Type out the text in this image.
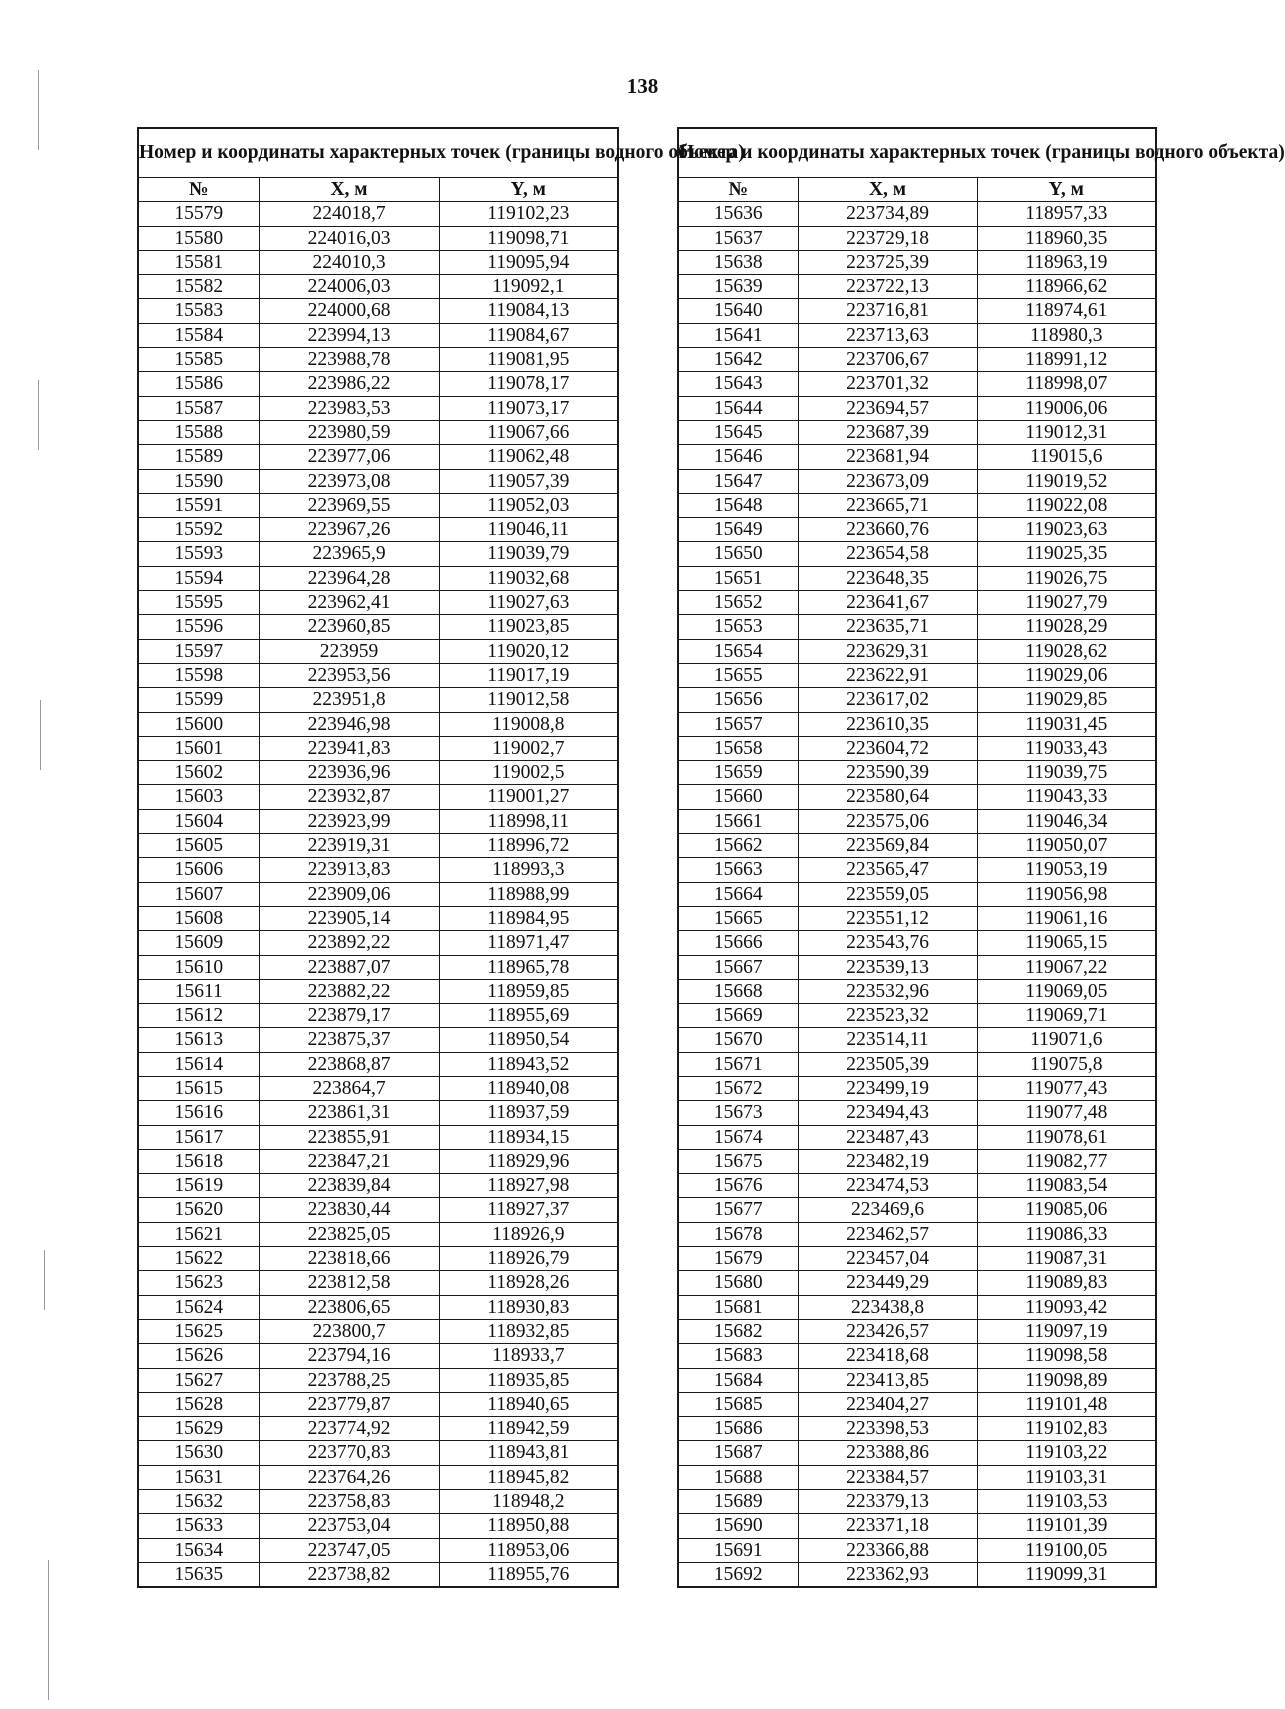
138
Номер и координаты характерных точек (границы водного объекта)		
№	X, м	Y, м
15579	224018,7	119102,23
15580	224016,03	119098,71
15581	224010,3	119095,94
15582	224006,03	119092,1
15583	224000,68	119084,13
15584	223994,13	119084,67
15585	223988,78	119081,95
15586	223986,22	119078,17
15587	223983,53	119073,17
15588	223980,59	119067,66
15589	223977,06	119062,48
15590	223973,08	119057,39
15591	223969,55	119052,03
15592	223967,26	119046,11
15593	223965,9	119039,79
15594	223964,28	119032,68
15595	223962,41	119027,63
15596	223960,85	119023,85
15597	223959	119020,12
15598	223953,56	119017,19
15599	223951,8	119012,58
15600	223946,98	119008,8
15601	223941,83	119002,7
15602	223936,96	119002,5
15603	223932,87	119001,27
15604	223923,99	118998,11
15605	223919,31	118996,72
15606	223913,83	118993,3
15607	223909,06	118988,99
15608	223905,14	118984,95
15609	223892,22	118971,47
15610	223887,07	118965,78
15611	223882,22	118959,85
15612	223879,17	118955,69
15613	223875,37	118950,54
15614	223868,87	118943,52
15615	223864,7	118940,08
15616	223861,31	118937,59
15617	223855,91	118934,15
15618	223847,21	118929,96
15619	223839,84	118927,98
15620	223830,44	118927,37
15621	223825,05	118926,9
15622	223818,66	118926,79
15623	223812,58	118928,26
15624	223806,65	118930,83
15625	223800,7	118932,85
15626	223794,16	118933,7
15627	223788,25	118935,85
15628	223779,87	118940,65
15629	223774,92	118942,59
15630	223770,83	118943,81
15631	223764,26	118945,82
15632	223758,83	118948,2
15633	223753,04	118950,88
15634	223747,05	118953,06
15635	223738,82	118955,76
Номер и координаты характерных точек (границы водного объекта)		
№	X, м	Y, м
15636	223734,89	118957,33
15637	223729,18	118960,35
15638	223725,39	118963,19
15639	223722,13	118966,62
15640	223716,81	118974,61
15641	223713,63	118980,3
15642	223706,67	118991,12
15643	223701,32	118998,07
15644	223694,57	119006,06
15645	223687,39	119012,31
15646	223681,94	119015,6
15647	223673,09	119019,52
15648	223665,71	119022,08
15649	223660,76	119023,63
15650	223654,58	119025,35
15651	223648,35	119026,75
15652	223641,67	119027,79
15653	223635,71	119028,29
15654	223629,31	119028,62
15655	223622,91	119029,06
15656	223617,02	119029,85
15657	223610,35	119031,45
15658	223604,72	119033,43
15659	223590,39	119039,75
15660	223580,64	119043,33
15661	223575,06	119046,34
15662	223569,84	119050,07
15663	223565,47	119053,19
15664	223559,05	119056,98
15665	223551,12	119061,16
15666	223543,76	119065,15
15667	223539,13	119067,22
15668	223532,96	119069,05
15669	223523,32	119069,71
15670	223514,11	119071,6
15671	223505,39	119075,8
15672	223499,19	119077,43
15673	223494,43	119077,48
15674	223487,43	119078,61
15675	223482,19	119082,77
15676	223474,53	119083,54
15677	223469,6	119085,06
15678	223462,57	119086,33
15679	223457,04	119087,31
15680	223449,29	119089,83
15681	223438,8	119093,42
15682	223426,57	119097,19
15683	223418,68	119098,58
15684	223413,85	119098,89
15685	223404,27	119101,48
15686	223398,53	119102,83
15687	223388,86	119103,22
15688	223384,57	119103,31
15689	223379,13	119103,53
15690	223371,18	119101,39
15691	223366,88	119100,05
15692	223362,93	119099,31
